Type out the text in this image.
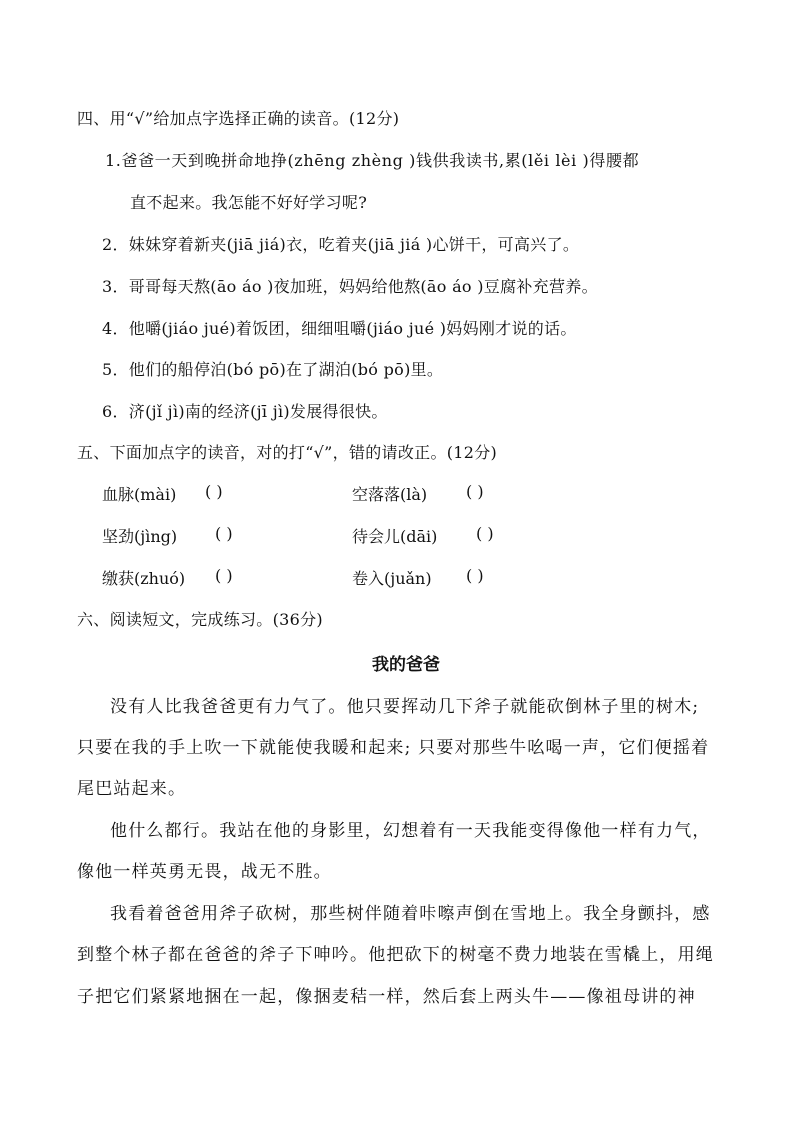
四、用“√”给加点字选择正确的读音。(12分)
1.爸爸一天到晚拼命地挣(zhēng zhèng )钱供我读书,累(lěi lèi )得腰都
直不起来。我怎能不好好学习呢?
2．妹妹穿着新夹(jiā jiá)衣，吃着夹(jiā jiá )心饼干，可高兴了。
3．哥哥每天熬(āo áo )夜加班，妈妈给他熬(āo áo )豆腐补充营养。
4．他嚼(jiáo jué)着饭团，细细咀嚼(jiáo jué )妈妈刚才说的话。
5．他们的船停泊(bó pō)在了湖泊(bó pō)里。
6．济(jǐ jì)南的经济(jī jì)发展得很快。
五、下面加点字的读音，对的打“√”，错的请改正。(12分)
血脉(mài) ( )	空落落(là) ( )
坚劲(jìng) ( )	待会儿(dāi) ( )
缴获(zhuó) ( )	卷入(juǎn) ( )
六、阅读短文，完成练习。(36分)
我的爸爸
没有人比我爸爸更有力气了。他只要挥动几下斧子就能砍倒林子里的树木;
只要在我的手上吹一下就能使我暖和起来; 只要对那些牛吆喝一声，它们便摇着
尾巴站起来。
他什么都行。我站在他的身影里，幻想着有一天我能变得像他一样有力气，
像他一样英勇无畏，战无不胜。
我看着爸爸用斧子砍树，那些树伴随着咔嚓声倒在雪地上。我全身颤抖，感
到整个林子都在爸爸的斧子下呻吟。他把砍下的树毫不费力地装在雪橇上，用绳
子把它们紧紧地捆在一起，像捆麦秸一样，然后套上两头牛——像祖母讲的神
